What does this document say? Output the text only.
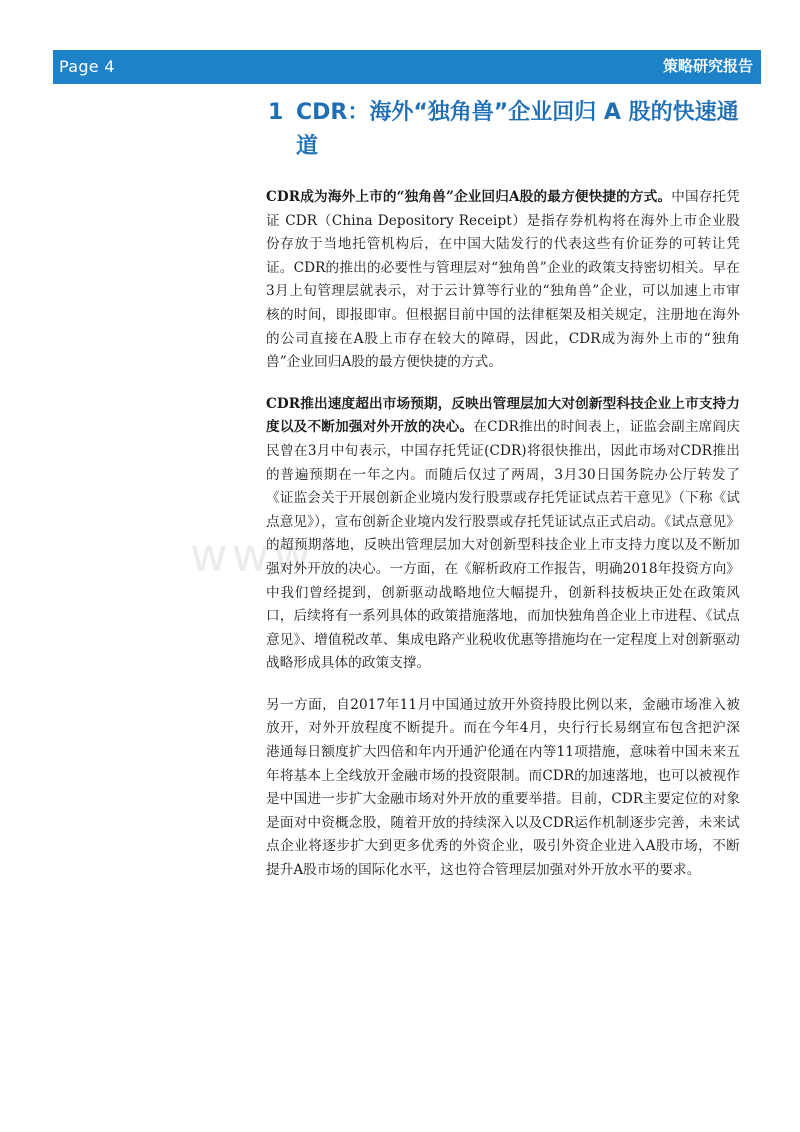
Page 4	策略研究报告
www.
1 CDR：海外“独角兽”企业回归 A 股的快速通道

CDR成为海外上市的“独角兽”企业回归A股的最方便快捷的方式。中国存托凭证 CDR（China Depository Receipt）是指存券机构将在海外上市企业股份存放于当地托管机构后，在中国大陆发行的代表这些有价证券的可转让凭证。CDR的推出的必要性与管理层对“独角兽”企业的政策支持密切相关。早在3月上旬管理层就表示，对于云计算等行业的“独角兽”企业，可以加速上市审核的时间，即报即审。但根据目前中国的法律框架及相关规定，注册地在海外的公司直接在A股上市存在较大的障碍，因此，CDR成为海外上市的“独角兽”企业回归A股的最方便快捷的方式。

CDR推出速度超出市场预期，反映出管理层加大对创新型科技企业上市支持力度以及不断加强对外开放的决心。在CDR推出的时间表上，证监会副主席阎庆民曾在3月中旬表示，中国存托凭证(CDR)将很快推出，因此市场对CDR推出的普遍预期在一年之内。而随后仅过了两周，3月30日国务院办公厅转发了《证监会关于开展创新企业境内发行股票或存托凭证试点若干意见》（下称《试点意见》），宣布创新企业境内发行股票或存托凭证试点正式启动。《试点意见》的超预期落地，反映出管理层加大对创新型科技企业上市支持力度以及不断加强对外开放的决心。一方面，在《解析政府工作报告，明确2018年投资方向》中我们曾经提到，创新驱动战略地位大幅提升，创新科技板块正处在政策风口，后续将有一系列具体的政策措施落地，而加快独角兽企业上市进程、《试点意见》、增值税改革、集成电路产业税收优惠等措施均在一定程度上对创新驱动战略形成具体的政策支撑。

另一方面，自2017年11月中国通过放开外资持股比例以来，金融市场准入被放开，对外开放程度不断提升。而在今年4月，央行行长易纲宣布包含把沪深港通每日额度扩大四倍和年内开通沪伦通在内等11项措施，意味着中国未来五年将基本上全线放开金融市场的投资限制。而CDR的加速落地，也可以被视作是中国进一步扩大金融市场对外开放的重要举措。目前，CDR主要定位的对象是面对中资概念股，随着开放的持续深入以及CDR运作机制逐步完善，未来试点企业将逐步扩大到更多优秀的外资企业，吸引外资企业进入A股市场，不断提升A股市场的国际化水平，这也符合管理层加强对外开放水平的要求。
